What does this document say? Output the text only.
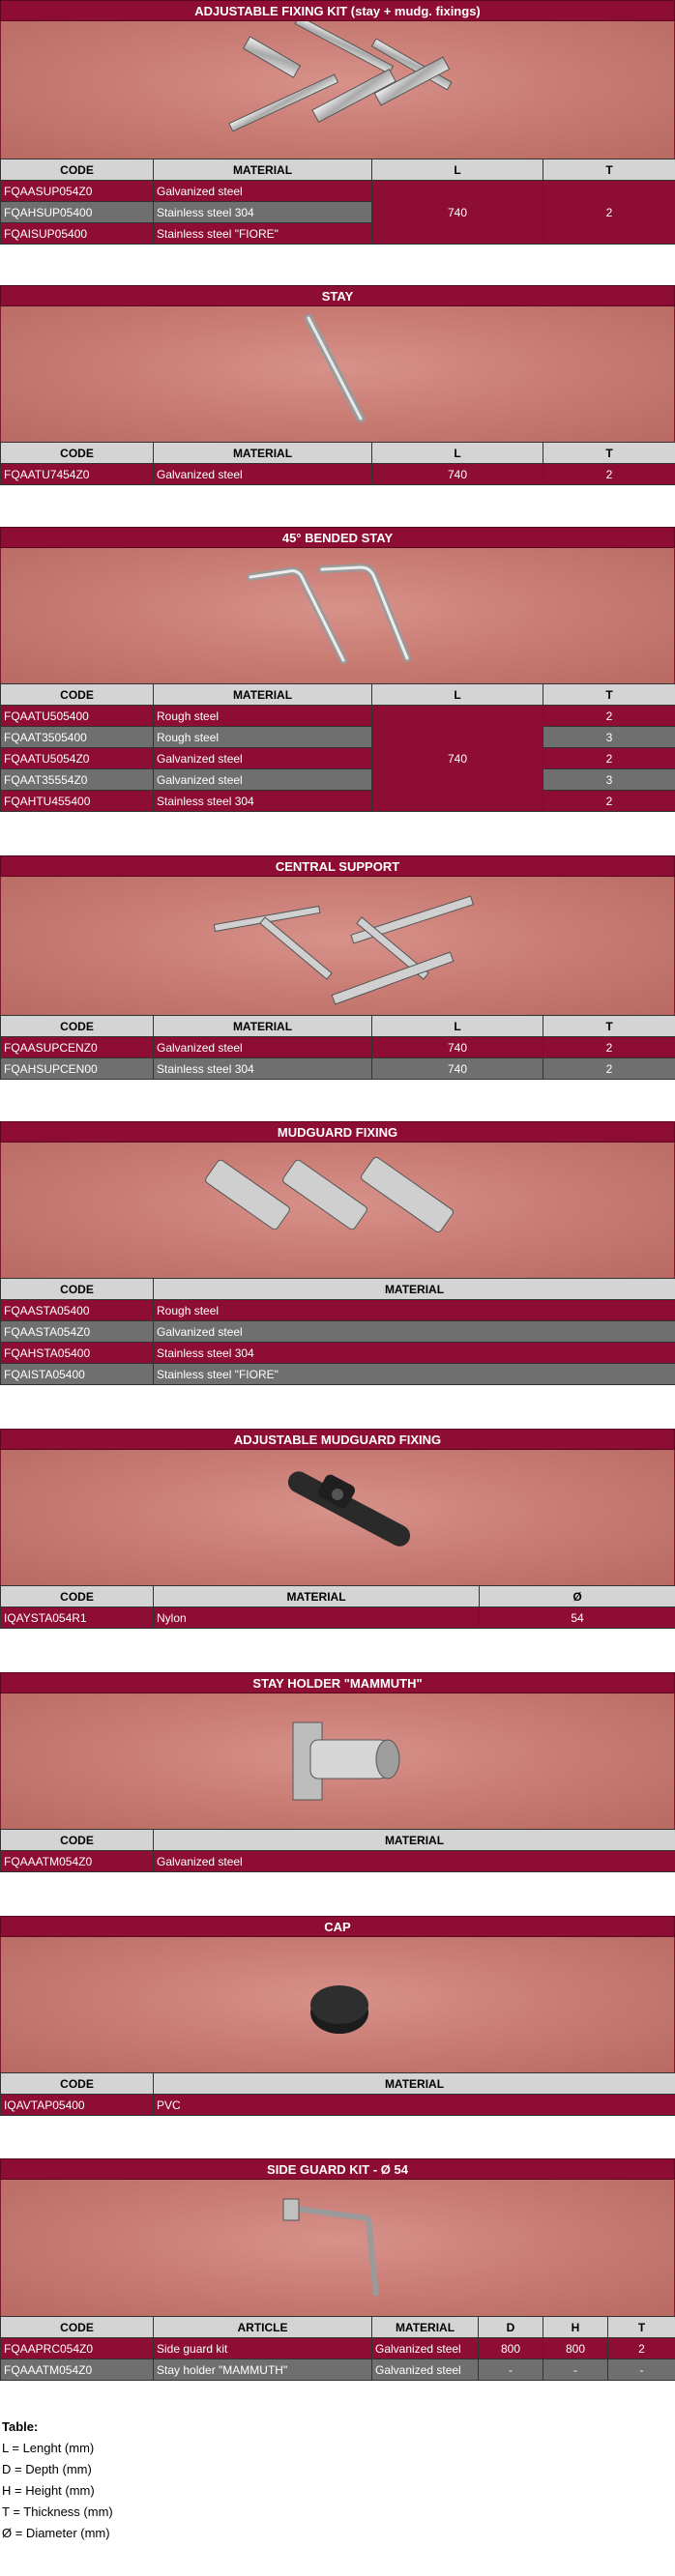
ADJUSTABLE FIXING KIT (stay + mudg. fixings)
CODE	MATERIAL	L	T
FQAASUP054Z0	Galvanized steel	740	2
FQAHSUP05400	Stainless steel 304		
FQAISUP05400	Stainless steel "FIORE"		
STAY
CODE	MATERIAL	L	T
FQAATU7454Z0	Galvanized steel	740	2
45° BENDED STAY
CODE	MATERIAL	L	T
FQAATU505400	Rough steel	740	2
FQAAT3505400	Rough steel		3
FQAATU5054Z0	Galvanized steel		2
FQAAT35554Z0	Galvanized steel		3
FQAHTU455400	Stainless steel 304		2
CENTRAL SUPPORT
CODE	MATERIAL	L	T
FQAASUPCENZ0	Galvanized steel	740	2
FQAHSUPCEN00	Stainless steel 304	740	2
MUDGUARD FIXING
CODE	MATERIAL
FQAASTA05400	Rough steel
FQAASTA054Z0	Galvanized steel
FQAHSTA05400	Stainless steel 304
FQAISTA05400	Stainless steel "FIORE"
ADJUSTABLE MUDGUARD FIXING
CODE	MATERIAL	Ø
IQAYSTA054R1	Nylon	54
STAY HOLDER "MAMMUTH"
CODE	MATERIAL
FQAAATM054Z0	Galvanized steel
CAP
CODE	MATERIAL
IQAVTAP05400	PVC
SIDE GUARD KIT - Ø 54
CODE	ARTICLE	MATERIAL	D	H	T
FQAAPRC054Z0	Side guard kit	Galvanized steel	800	800	2
FQAAATM054Z0	Stay holder "MAMMUTH"	Galvanized steel	-	-	-
Table:
L = Lenght (mm)
D = Depth (mm)
H = Height (mm)
T = Thickness (mm)
Ø = Diameter (mm)
